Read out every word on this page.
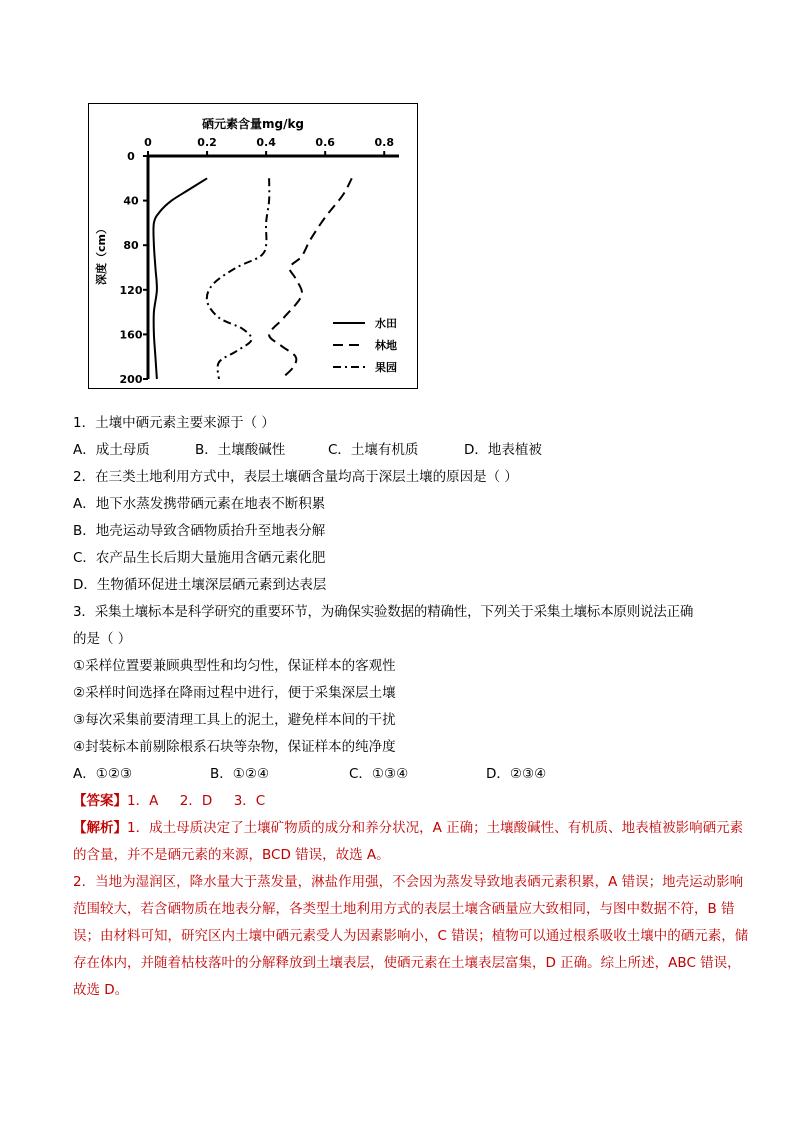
硒元素含量mg/kg
深度（cm）
0	0.2	0.4	0.6	0.8
0
40
80
120
160
200
水田
林地
果园
1．土壤中硒元素主要来源于（ ）
A．成土母质	B．土壤酸碱性	C．土壤有机质	D．地表植被
2．在三类土地利用方式中，表层土壤硒含量均高于深层土壤的原因是（ ）
A．地下水蒸发携带硒元素在地表不断积累
B．地壳运动导致含硒物质抬升至地表分解
C．农产品生长后期大量施用含硒元素化肥
D．生物循环促进土壤深层硒元素到达表层
3．采集土壤标本是科学研究的重要环节，为确保实验数据的精确性，下列关于采集土壤标本原则说法正确
的是（ ）
①采样位置要兼顾典型性和均匀性，保证样本的客观性
②采样时间选择在降雨过程中进行，便于采集深层土壤
③每次采集前要清理工具上的泥土，避免样本间的干扰
④封装标本前剔除根系石块等杂物，保证样本的纯净度
A．①②③	B．①②④	C．①③④	D．②③④
【答案】1．A     2．D     3．C
【解析】1．成土母质决定了土壤矿物质的成分和养分状况，A 正确；土壤酸碱性、有机质、地表植被影响硒元素的含量，并不是硒元素的来源，BCD 错误，故选 A。
2．当地为湿润区，降水量大于蒸发量，淋盐作用强，不会因为蒸发导致地表硒元素积累，A 错误；地壳运动影响范围较大，若含硒物质在地表分解，各类型土地利用方式的表层土壤含硒量应大致相同，与图中数据不符，B 错误；由材料可知，研究区内土壤中硒元素受人为因素影响小，C 错误；植物可以通过根系吸收土壤中的硒元素，储存在体内，并随着枯枝落叶的分解释放到土壤表层，使硒元素在土壤表层富集，D 正确。综上所述，ABC 错误，故选 D。
